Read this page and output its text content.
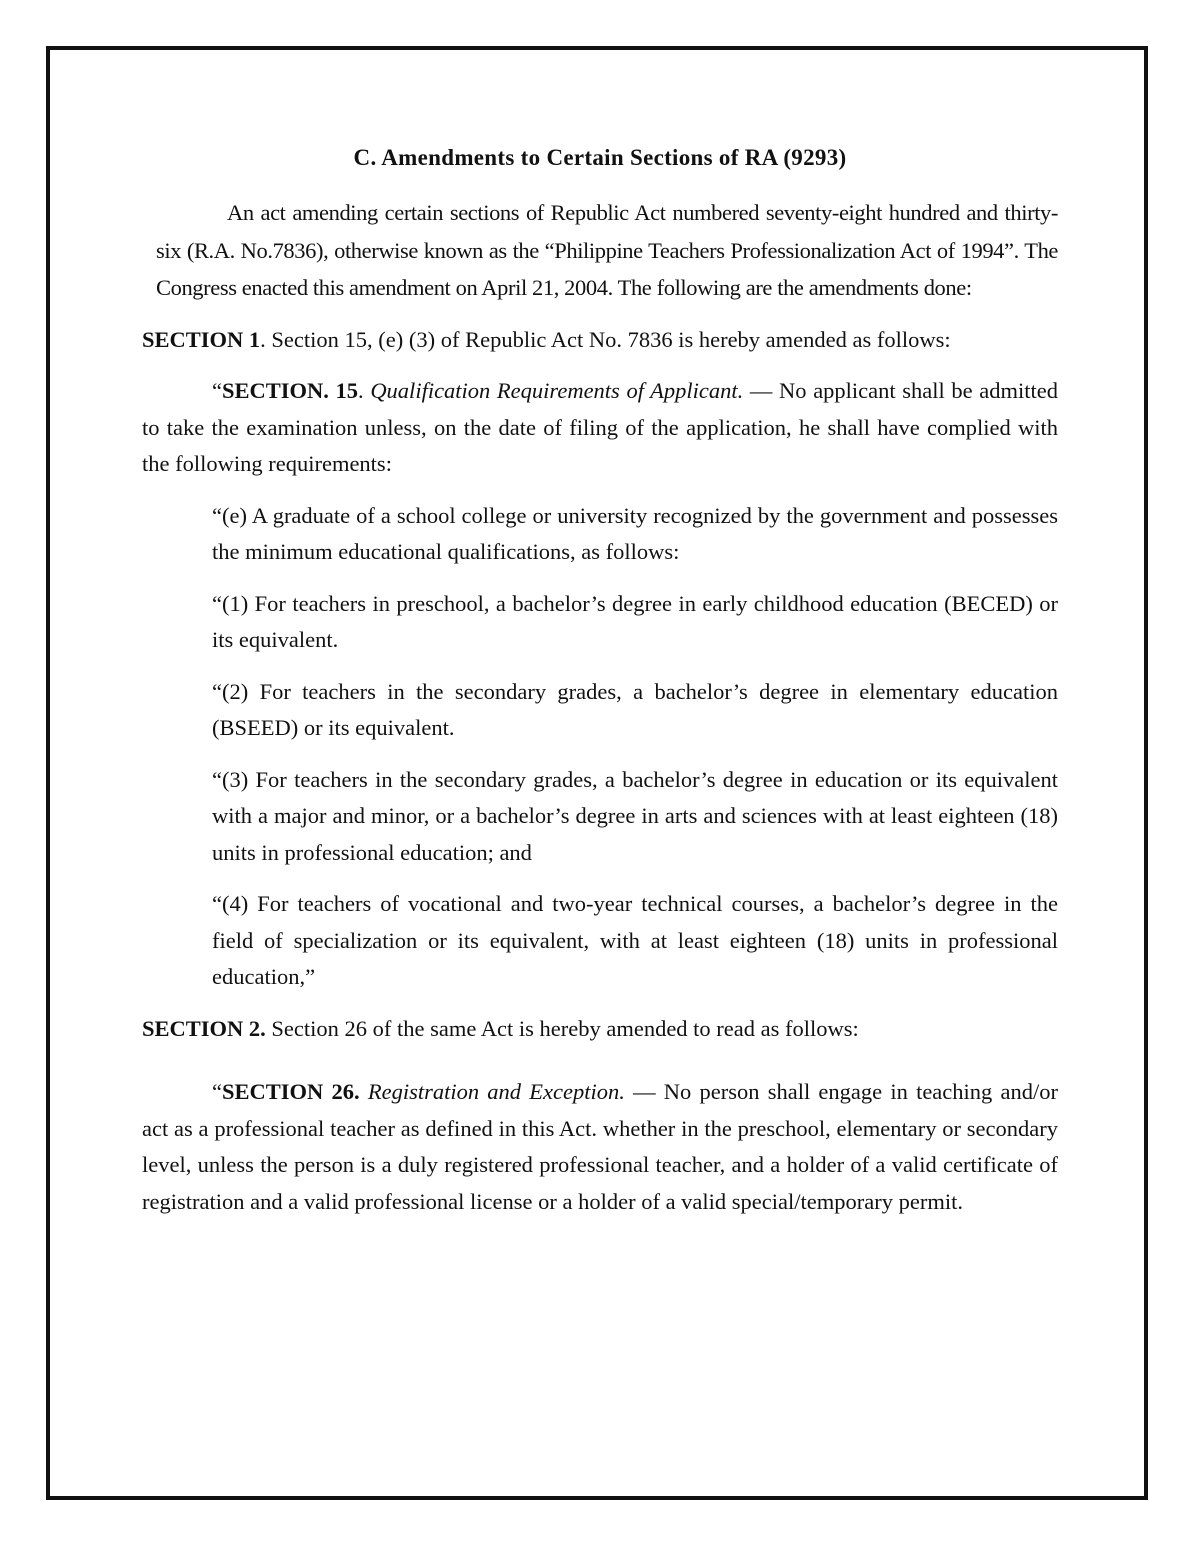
C. Amendments to Certain Sections of RA (9293)

An act amending certain sections of Republic Act numbered seventy-eight hundred and thirty-six (R.A. No.7836), otherwise known as the “Philippine Teachers Professionalization Act of 1994”. The Congress enacted this amendment on April 21, 2004. The following are the amendments done:

SECTION 1. Section 15, (e) (3) of Republic Act No. 7836 is hereby amended as follows:

“SECTION. 15. Qualification Requirements of Applicant. — No applicant shall be admitted to take the examination unless, on the date of filing of the application, he shall have complied with the following requirements:

“(e) A graduate of a school college or university recognized by the government and possesses the minimum educational qualifications, as follows:

“(1) For teachers in preschool, a bachelor’s degree in early childhood education (BECED) or its equivalent.

“(2) For teachers in the secondary grades, a bachelor’s degree in elementary education (BSEED) or its equivalent.

“(3) For teachers in the secondary grades, a bachelor’s degree in education or its equivalent with a major and minor, or a bachelor’s degree in arts and sciences with at least eighteen (18) units in professional education; and

“(4) For teachers of vocational and two-year technical courses, a bachelor’s degree in the field of specialization or its equivalent, with at least eighteen (18) units in professional education,”

SECTION 2. Section 26 of the same Act is hereby amended to read as follows:

“SECTION 26. Registration and Exception. — No person shall engage in teaching and/or act as a professional teacher as defined in this Act. whether in the preschool, elementary or secondary level, unless the person is a duly registered professional teacher, and a holder of a valid certificate of registration and a valid professional license or a holder of a valid special/temporary permit.
